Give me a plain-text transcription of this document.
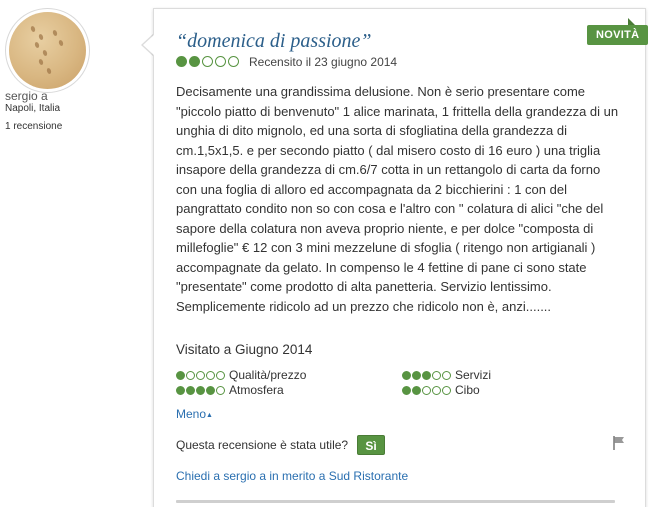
sergio a
Napoli, Italia
1 recensione
NOVITÀ
“domenica di passione”
Recensito il 23 giugno 2014
Decisamente una grandissima delusione. Non è serio presentare come "piccolo piatto di benvenuto" 1 alice marinata, 1 frittella della grandezza di un unghia di dito mignolo, ed una sorta di sfogliatina della grandezza di cm.1,5x1,5. e per secondo piatto ( dal misero costo di 16 euro ) una triglia insapore della grandezza di cm.6/7 cotta in un rettangolo di carta da forno con una foglia di alloro ed accompagnata da 2 bicchierini : 1 con del pangrattato condito non so con cosa e l'altro con " colatura di alici "che del sapore della colatura non aveva proprio niente, e per dolce "composta di millefoglie" € 12 con 3 mini mezzelune di sfoglia ( ritengo non artigianali ) accompagnate da gelato. In compenso le 4 fettine di pane ci sono state "presentate" come prodotto di alta panetteria. Servizio lentissimo. Semplicemente ridicolo ad un prezzo che ridicolo non è, anzi.......
Visitato a Giugno 2014
Qualità/prezzo	Servizi
Atmosfera	Cibo
Meno▲
Questa recensione è stata utile?	Sì
Chiedi a sergio a in merito a Sud Ristorante
